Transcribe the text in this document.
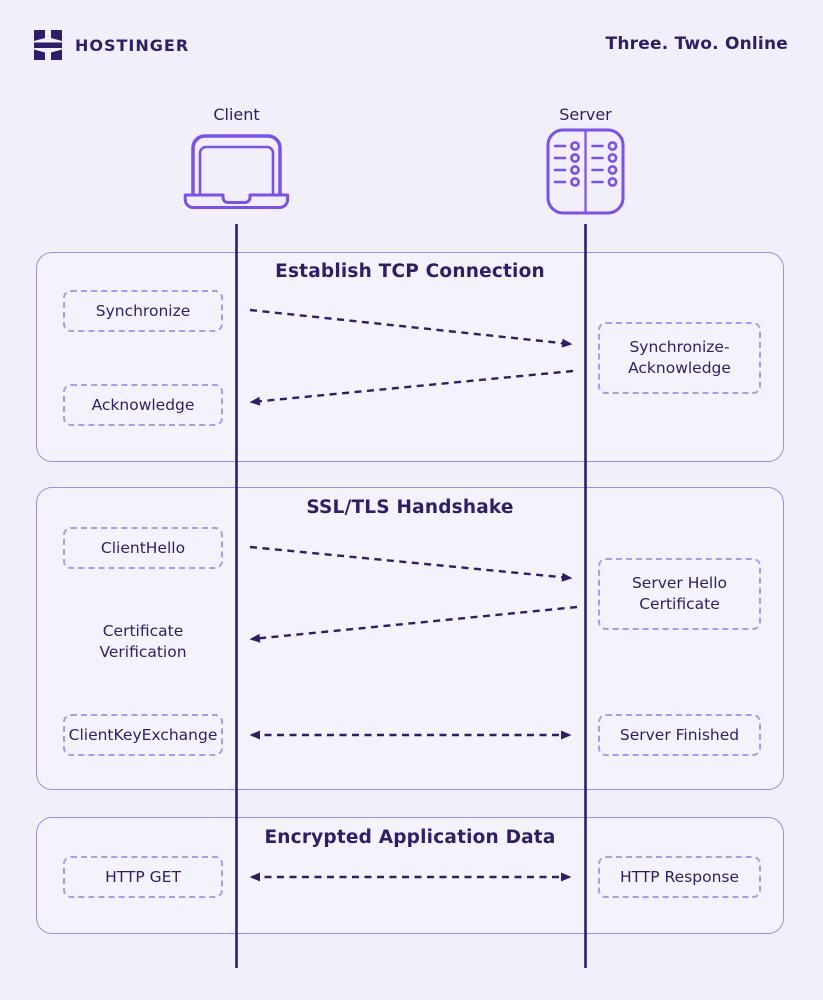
HOSTINGER	Three. Two. Online
Client	Server
Establish TCP Connection
SSL/TLS Handshake
Encrypted Application Data
Synchronize
Synchronize-
Acknowledge
Acknowledge
ClientHello
Server Hello
Certificate
Certificate
Verification
ClientKeyExchange	Server Finished
HTTP GET	HTTP Response
